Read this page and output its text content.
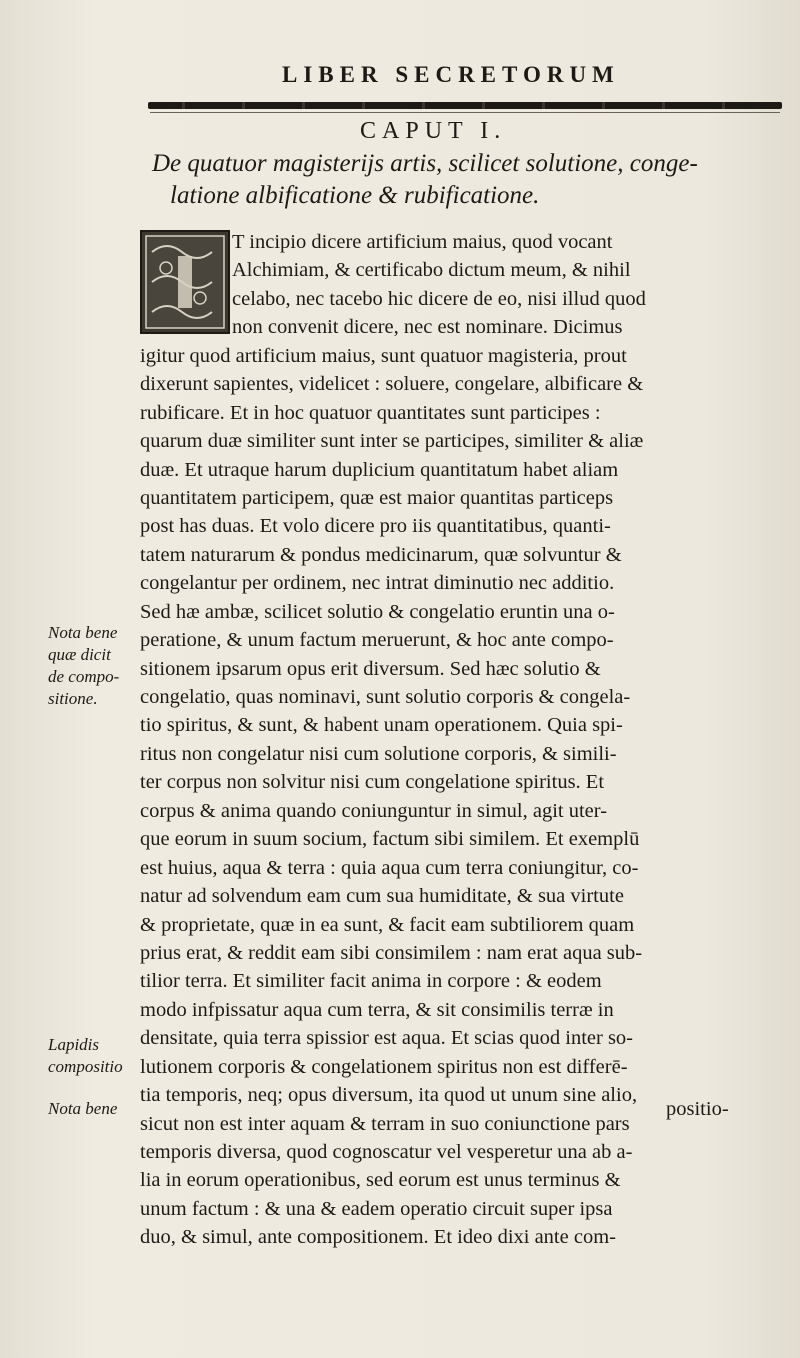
LIBER SECRETORUM
CAPUT I.
De quatuor magisterijs artis, scilicet solutione, conge-
latione albificatione & rubificatione.
T incipio dicere artificium maius, quod vocant
Alchimiam, & certificabo dictum meum, & nihil
celabo, nec tacebo hic dicere de eo, nisi illud quod
non convenit dicere, nec est nominare. Dicimus
igitur quod artificium maius, sunt quatuor magisteria, prout
dixerunt sapientes, videlicet : soluere, congelare, albificare &
rubificare. Et in hoc quatuor quantitates sunt participes :
quarum duæ similiter sunt inter se participes, similiter & aliæ
duæ. Et utraque harum duplicium quantitatum habet aliam
quantitatem participem, quæ est maior quantitas particeps
post has duas. Et volo dicere pro iis quantitatibus, quanti-
tatem naturarum & pondus medicinarum, quæ solvuntur &
congelantur per ordinem, nec intrat diminutio nec additio.
Sed hæ ambæ, scilicet solutio & congelatio eruntin una o-
peratione, & unum factum meruerunt, & hoc ante compo-
sitionem ipsarum opus erit diversum. Sed hæc solutio &
congelatio, quas nominavi, sunt solutio corporis & congela-
tio spiritus, & sunt, & habent unam operationem. Quia spi-
ritus non congelatur nisi cum solutione corporis, & simili-
ter corpus non solvitur nisi cum congelatione spiritus. Et
corpus & anima quando coniunguntur in simul, agit uter-
que eorum in suum socium, factum sibi similem. Et exemplū
est huius, aqua & terra : quia aqua cum terra coniungitur, co-
natur ad solvendum eam cum sua humiditate, & sua virtute
& proprietate, quæ in ea sunt, & facit eam subtiliorem quam
prius erat, & reddit eam sibi consimilem : nam erat aqua sub-
tilior terra. Et similiter facit anima in corpore : & eodem
modo infpissatur aqua cum terra, & sit consimilis terræ in
densitate, quia terra spissior est aqua. Et scias quod inter so-
lutionem corporis & congelationem spiritus non est differē-
tia temporis, neq; opus diversum, ita quod ut unum sine alio,
sicut non est inter aquam & terram in suo coniunctione pars
temporis diversa, quod cognoscatur vel vesperetur una ab a-
lia in eorum operationibus, sed eorum est unus terminus &
unum factum : & una & eadem operatio circuit super ipsa
duo, & simul, ante compositionem. Et ideo dixi ante com-
positio-
Nota bene
quæ dicit
de compo-
sitione.
Lapidis
compositio
Nota bene
